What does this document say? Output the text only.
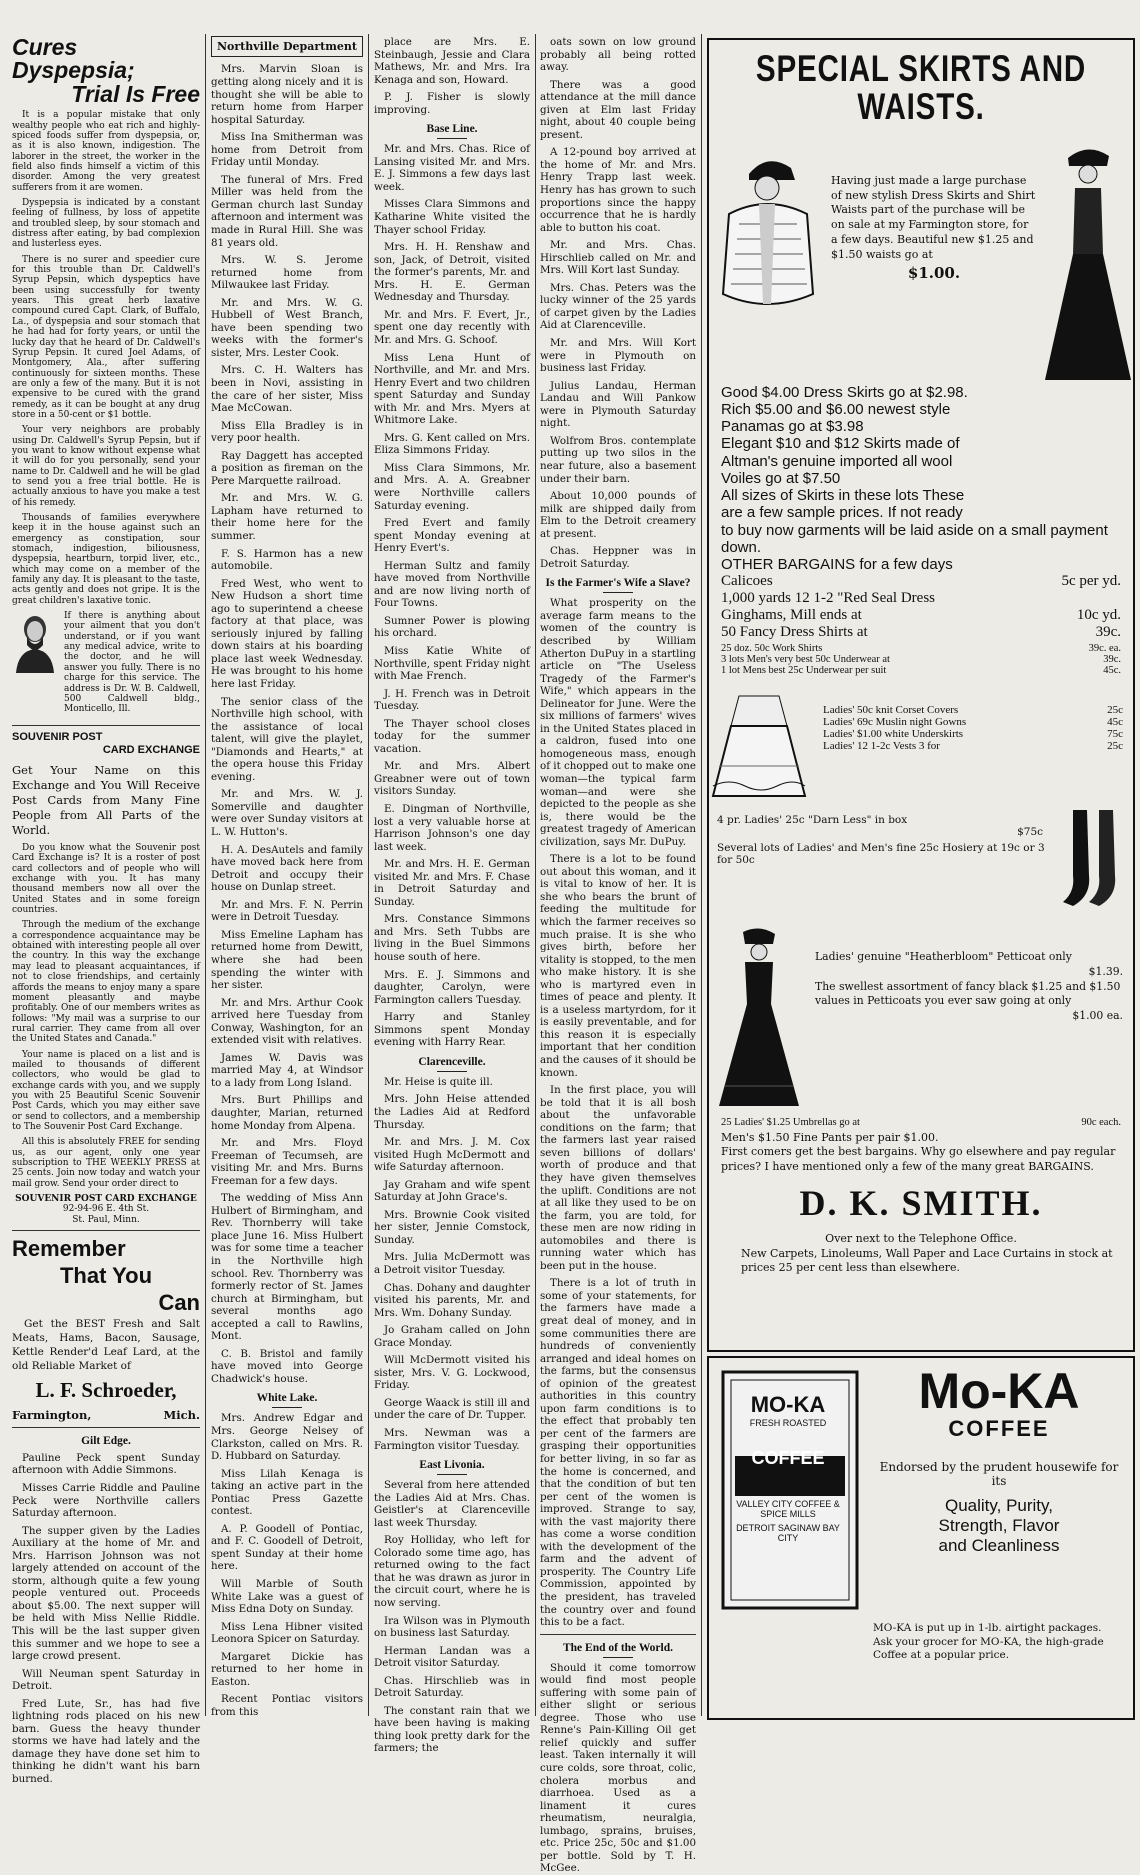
Cures Dyspepsia;
Trial Is Free

It is a popular mistake that only wealthy people who eat rich and highly-spiced foods suffer from dyspepsia, or, as it is also known, indigestion. The laborer in the street, the worker in the field also finds himself a victim of this disorder. Among the very greatest sufferers from it are women.

Dyspepsia is indicated by a constant feeling of fullness, by loss of appetite and troubled sleep, by sour stomach and distress after eating, by bad complexion and lusterless eyes.

There is no surer and speedier cure for this trouble than Dr. Caldwell's Syrup Pepsin, which dyspeptics have been using successfully for twenty years. This great herb laxative compound cured Capt. Clark, of Buffalo, La., of dyspepsia and sour stomach that he had had for forty years, or until the lucky day that he heard of Dr. Caldwell's Syrup Pepsin. It cured Joel Adams, of Montgomery, Ala., after suffering continuously for sixteen months. These are only a few of the many. But it is not expensive to be cured with the grand remedy, as it can be bought at any drug store in a 50-cent or $1 bottle.

Your very neighbors are probably using Dr. Caldwell's Syrup Pepsin, but if you want to know without expense what it will do for you personally, send your name to Dr. Caldwell and he will be glad to send you a free trial bottle. He is actually anxious to have you make a test of his remedy.

Thousands of families everywhere keep it in the house against such an emergency as constipation, sour stomach, indigestion, biliousness, dyspepsia, heartburn, torpid liver, etc., which may come on a member of the family any day. It is pleasant to the taste, acts gently and does not gripe. It is the great children's laxative tonic.

If there is anything about your ailment that you don't understand, or if you want any medical advice, write to the doctor, and he will answer you fully. There is no charge for this service. The address is Dr. W. B. Caldwell, 500 Caldwell bldg., Monticello, Ill.

SOUVENIR POST
CARD EXCHANGE

Get Your Name on this Exchange and You Will Receive Post Cards from Many Fine People from All Parts of the World.

Do you know what the Souvenir post Card Exchange is? It is a roster of post card collectors and of people who will exchange with you. It has many thousand members now all over the United States and in some foreign countries.

Through the medium of the exchange a correspondence acquaintance may be obtained with interesting people all over the country. In this way the exchange may lead to pleasant acquaintances, if not to close friendships, and certainly affords the means to enjoy many a spare moment pleasantly and maybe profitably. One of our members writes as follows: "My mail was a surprise to our rural carrier. They came from all over the United States and Canada."

Your name is placed on a list and is mailed to thousands of different collectors, who would be glad to exchange cards with you, and we supply you with 25 Beautiful Scenic Souvenir Post Cards, which you may either save or send to collectors, and a membership to The Souvenir Post Card Exchange.

All this is absolutely FREE for sending us, as our agent, only one year subscription to THE WEEKLY PRESS at 25 cents. Join now today and watch your mail grow. Send your order direct to

SOUVENIR POST CARD EXCHANGE
92-94-96 E. 4th St.
St. Paul, Minn.
Remember
That You
Can

Get the BEST Fresh and Salt Meats, Hams, Bacon, Sausage, Kettle Render'd Leaf Lard, at the old Reliable Market of

L. F. Schroeder,
Farmington,	Mich.
Gilt Edge.

Pauline Peck spent Sunday afternoon with Addie Simmons.

Misses Carrie Riddle and Pauline Peck were Northville callers Saturday afternoon.

The supper given by the Ladies Auxiliary at the home of Mr. and Mrs. Harrison Johnson was not largely attended on account of the storm, although quite a few young people ventured out. Proceeds about $5.00. The next supper will be held with Miss Nellie Riddle. This will be the last supper given this summer and we hope to see a large crowd present.

Will Neuman spent Saturday in Detroit.

Fred Lute, Sr., has had five lightning rods placed on his new barn. Guess the heavy thunder storms we have had lately and the damage they have done set him to thinking he didn't want his barn burned.

Northville Department

Mrs. Marvin Sloan is getting along nicely and it is thought she will be able to return home from Harper hospital Saturday.

Miss Ina Smitherman was home from Detroit from Friday until Monday.

The funeral of Mrs. Fred Miller was held from the German church last Sunday afternoon and interment was made in Rural Hill. She was 81 years old.

Mrs. W. S. Jerome returned home from Milwaukee last Friday.

Mr. and Mrs. W. G. Hubbell of West Branch, have been spending two weeks with the former's sister, Mrs. Lester Cook.

Mrs. C. H. Walters has been in Novi, assisting in the care of her sister, Miss Mae McCowan.

Miss Ella Bradley is in very poor health.

Ray Daggett has accepted a position as fireman on the Pere Marquette railroad.

Mr. and Mrs. W. G. Lapham have returned to their home here for the summer.

F. S. Harmon has a new automobile.

Fred West, who went to New Hudson a short time ago to superintend a cheese factory at that place, was seriously injured by falling down stairs at his boarding place last week Wednesday. He was brought to his home here last Friday.

The senior class of the Northville high school, with the assistance of local talent, will give the playlet, "Diamonds and Hearts," at the opera house this Friday evening.

Mr. and Mrs. W. J. Somerville and daughter were over Sunday visitors at L. W. Hutton's.

H. A. DesAutels and family have moved back here from Detroit and occupy their house on Dunlap street.

Mr. and Mrs. F. N. Perrin were in Detroit Tuesday.

Miss Emeline Lapham has returned home from Dewitt, where she had been spending the winter with her sister.

Mr. and Mrs. Arthur Cook arrived here Tuesday from Conway, Washington, for an extended visit with relatives.

James W. Davis was married May 4, at Windsor to a lady from Long Island.

Mrs. Burt Phillips and daughter, Marian, returned home Monday from Alpena.

Mr. and Mrs. Floyd Freeman of Tecumseh, are visiting Mr. and Mrs. Burns Freeman for a few days.

The wedding of Miss Ann Hulbert of Birmingham, and Rev. Thornberry will take place June 16. Miss Hulbert was for some time a teacher in the Northville high school. Rev. Thornberry was formerly rector of St. James church at Birmingham, but several months ago accepted a call to Rawlins, Mont.

C. B. Bristol and family have moved into George Chadwick's house.

White Lake.

Mrs. Andrew Edgar and Mrs. George Nelsey of Clarkston, called on Mrs. R. D. Hubbard on Saturday.

Miss Lilah Kenaga is taking an active part in the Pontiac Press Gazette contest.

A. P. Goodell of Pontiac, and F. C. Goodell of Detroit, spent Sunday at their home here.

Will Marble of South White Lake was a guest of Miss Edna Doty on Sunday.

Miss Lena Hibner visited Leonora Spicer on Saturday.

Margaret Dickie has returned to her home in Easton.

Recent Pontiac visitors from this

place are Mrs. E. Steinbaugh, Jessie and Clara Mathews, Mr. and Mrs. Ira Kenaga and son, Howard.

P. J. Fisher is slowly improving.

Base Line.

Mr. and Mrs. Chas. Rice of Lansing visited Mr. and Mrs. E. J. Simmons a few days last week.

Misses Clara Simmons and Katharine White visited the Thayer school Friday.

Mrs. H. H. Renshaw and son, Jack, of Detroit, visited the former's parents, Mr. and Mrs. H. E. German Wednesday and Thursday.

Mr. and Mrs. F. Evert, Jr., spent one day recently with Mr. and Mrs. G. Schoof.

Miss Lena Hunt of Northville, and Mr. and Mrs. Henry Evert and two children spent Saturday and Sunday with Mr. and Mrs. Myers at Whitmore Lake.

Mrs. G. Kent called on Mrs. Eliza Simmons Friday.

Miss Clara Simmons, Mr. and Mrs. A. A. Greabner were Northville callers Saturday evening.

Fred Evert and family spent Monday evening at Henry Evert's.

Herman Sultz and family have moved from Northville and are now living north of Four Towns.

Sumner Power is plowing his orchard.

Miss Katie White of Northville, spent Friday night with Mae French.

J. H. French was in Detroit Tuesday.

The Thayer school closes today for the summer vacation.

Mr. and Mrs. Albert Greabner were out of town visitors Sunday.

E. Dingman of Northville, lost a very valuable horse at Harrison Johnson's one day last week.

Mr. and Mrs. H. E. German visited Mr. and Mrs. F. Chase in Detroit Saturday and Sunday.

Mrs. Constance Simmons and Mrs. Seth Tubbs are living in the Buel Simmons house south of here.

Mrs. E. J. Simmons and daughter, Carolyn, were Farmington callers Tuesday.

Harry and Stanley Simmons spent Monday evening with Harry Rear.

Clarenceville.

Mr. Heise is quite ill.

Mrs. John Heise attended the Ladies Aid at Redford Thursday.

Mr. and Mrs. J. M. Cox visited Hugh McDermott and wife Saturday afternoon.

Jay Graham and wife spent Saturday at John Grace's.

Mrs. Brownie Cook visited her sister, Jennie Comstock, Sunday.

Mrs. Julia McDermott was a Detroit visitor Tuesday.

Chas. Dohany and daughter visited his parents, Mr. and Mrs. Wm. Dohany Sunday.

Jo Graham called on John Grace Monday.

Will McDermott visited his sister, Mrs. V. G. Lockwood, Friday.

George Waack is still ill and under the care of Dr. Tupper.

Mrs. Newman was a Farmington visitor Tuesday.

East Livonia.

Several from here attended the Ladies Aid at Mrs. Chas. Geistler's at Clarenceville last week Thursday.

Roy Holliday, who left for Colorado some time ago, has returned owing to the fact that he was drawn as juror in the circuit court, where he is now serving.

Ira Wilson was in Plymouth on business last Saturday.

Herman Landan was a Detroit visitor Saturday.

Chas. Hirschlieb was in Detroit Saturday.

The constant rain that we have been having is making thing look pretty dark for the farmers; the

oats sown on low ground probably all being rotted away.

There was a good attendance at the mill dance given at Elm last Friday night, about 40 couple being present.

A 12-pound boy arrived at the home of Mr. and Mrs. Henry Trapp last week. Henry has has grown to such proportions since the happy occurrence that he is hardly able to button his coat.

Mr. and Mrs. Chas. Hirschlieb called on Mr. and Mrs. Will Kort last Sunday.

Mrs. Chas. Peters was the lucky winner of the 25 yards of carpet given by the Ladies Aid at Clarenceville.

Mr. and Mrs. Will Kort were in Plymouth on business last Friday.

Julius Landau, Herman Landau and Will Pankow were in Plymouth Saturday night.

Wolfrom Bros. contemplate putting up two silos in the near future, also a basement under their barn.

About 10,000 pounds of milk are shipped daily from Elm to the Detroit creamery at present.

Chas. Heppner was in Detroit Saturday.

Is the Farmer's Wife a Slave?

What prosperity on the average farm means to the women of the country is described by William Atherton DuPuy in a startling article on "The Useless Tragedy of the Farmer's Wife," which appears in the Delineator for June. Were the six millions of farmers' wives in the United States placed in a caldron, fused into one homogeneous mass, enough of it chopped out to make one woman—the typical farm woman—and were she depicted to the people as she is, there would be the greatest tragedy of American civilization, says Mr. DuPuy.

There is a lot to be found out about this woman, and it is vital to know of her. It is she who bears the brunt of feeding the multitude for which the farmer receives so much praise. It is she who gives birth, before her vitality is stopped, to the men who make history. It is she who is martyred even in times of peace and plenty. It is a useless martyrdom, for it is easily preventable, and for this reason it is especially important that her condition and the causes of it should be known.

In the first place, you will be told that it is all bosh about the unfavorable conditions on the farm; that the farmers last year raised seven billions of dollars' worth of produce and that they have given themselves the uplift. Conditions are not at all like they used to be on the farm, you are told, for these men are now riding in automobiles and there is running water which has been put in the house.

There is a lot of truth in some of your statements, for the farmers have made a great deal of money, and in some communities there are hundreds of conveniently arranged and ideal homes on the farms, but the consensus of opinion of the greatest authorities in this country upon farm conditions is to the effect that probably ten per cent of the farmers are grasping their opportunities for better living, in so far as the home is concerned, and that the condition of but ten per cent of the women is improved. Strange to say, with the vast majority there has come a worse condition with the development of the farm and the advent of prosperity. The Country Life Commission, appointed by the president, has traveled the country over and found this to be a fact.

The End of the World.

Should it come tomorrow would find most people suffering with some pain of either slight or serious degree. Those who use Renne's Pain-Killing Oil get relief quickly and suffer least. Taken internally it will cure colds, sore throat, colic, cholera morbus and diarrhoea. Used as a linament it cures rheumatism, neuralgia, lumbago, sprains, bruises, etc. Price 25c, 50c and $1.00 per bottle. Sold by T. H. McGee.

SPECIAL SKIRTS AND
WAISTS.
Having just made a large purchase of new stylish Dress Skirts and Shirt Waists part of the purchase will be on sale at my Farmington store, for a few days. Beautiful new $1.25 and $1.50 waists go at
$1.00.
Good $4.00 Dress Skirts go at $2.98.
Rich $5.00 and $6.00 newest style
Panamas go at $3.98
Elegant $10 and $12 Skirts made of
Altman's genuine imported all wool
Voiles go at $7.50
All sizes of Skirts in these lots These
are a few sample prices. If not ready
to buy now garments will be laid aside on a small payment down.
OTHER BARGAINS for a few days
Calicoes	5c per yd.
1,000 yards 12 1-2 "Red Seal Dress
Ginghams, Mill ends at	10c yd.
50 Fancy Dress Shirts at	39c.
25 doz. 50c Work Shirts	39c. ea.
3 lots Men's very best 50c Underwear at	39c.
1 lot Mens best 25c Underwear per suit	45c.
Ladies' 50c knit Corset Covers	25c
Ladies' 69c Muslin night Gowns	45c
Ladies' $1.00 white Underskirts	75c
Ladies' 12 1-2c Vests 3 for	25c
4 pr. Ladies' 25c "Darn Less" in box
$75c
Several lots of Ladies' and Men's fine 25c Hosiery at 19c or 3 for 50c
Ladies' genuine "Heatherbloom" Petticoat only
$1.39.
The swellest assortment of fancy black $1.25 and $1.50 values in Petticoats you ever saw going at only
$1.00 ea.
25 Ladies' $1.25 Umbrellas go at	90c each.
Men's $1.50 Fine Pants per pair $1.00.
First comers get the best bargains. Why go elsewhere and pay regular prices? I have mentioned only a few of the many great BARGAINS.
D. K. SMITH.
Over next to the Telephone Office.
New Carpets, Linoleums, Wall Paper and Lace Curtains in stock at prices 25 per cent less than elsewhere.
Mo-KA
COFFEE
Endorsed by the prudent housewife for its
Quality, Purity,
Strength, Flavor
and Cleanliness
MO-KA
FRESH ROASTED
COFFEE
VALLEY CITY COFFEE & SPICE MILLS
DETROIT SAGINAW BAY CITY
MO-KA is put up in 1-lb. airtight packages. Ask your grocer for MO-KA, the high-grade Coffee at a popular price.
